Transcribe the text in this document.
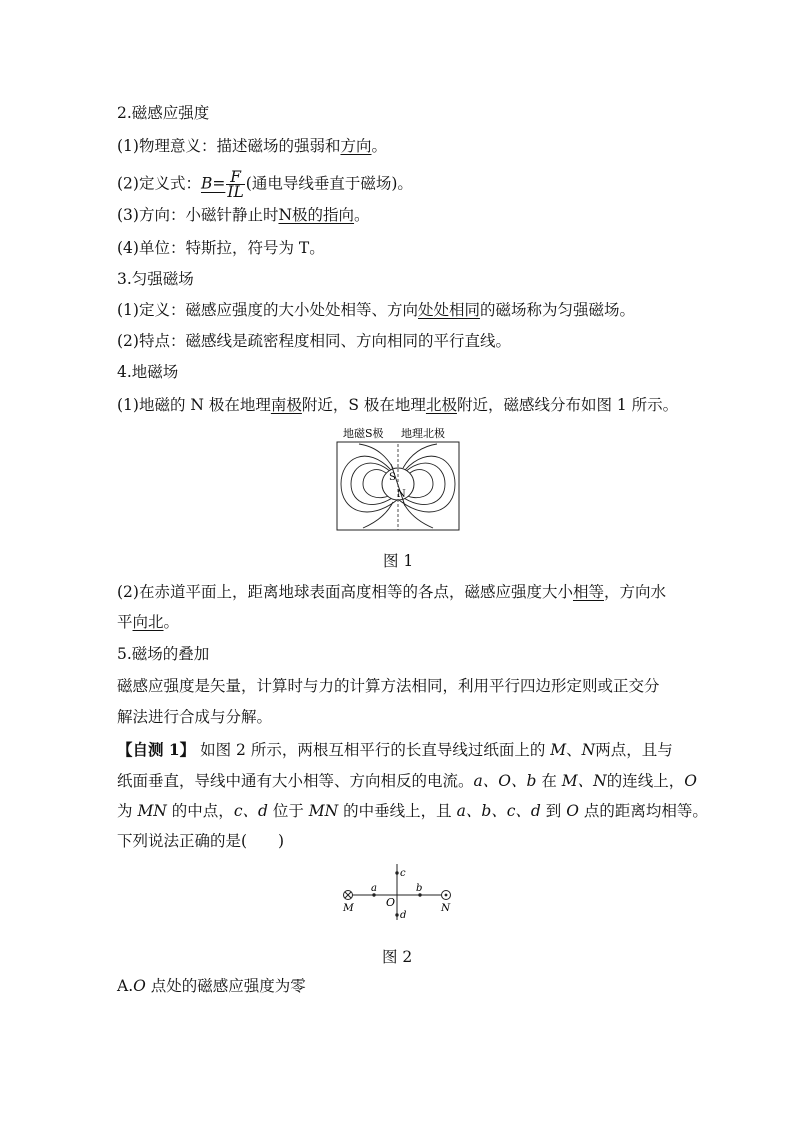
2.磁感应强度
(1)物理意义：描述磁场的强弱和方向。
(2)定义式：$B= \frac{F}{IL}$ (通电导线垂直于磁场)。
(3)方向：小磁针静止时N极的指向。
(4)单位：特斯拉，符号为 T。
3.匀强磁场
(1)定义：磁感应强度的大小处处相等、方向处处相同的磁场称为匀强磁场。
(2)特点：磁感线是疏密程度相同、方向相同的平行直线。
4.地磁场
(1)地磁的 N 极在地理南极附近，S 极在地理北极附近，磁感线分布如图 1 所示。
地磁S极 地理北极
S
N
图 1
(2)在赤道平面上，距离地球表面高度相等的各点，磁感应强度大小相等，方向水
平向北。
5.磁场的叠加
磁感应强度是矢量，计算时与力的计算方法相同，利用平行四边形定则或正交分
解法进行合成与分解。
【自测 1】 如图 2 所示，两根互相平行的长直导线过纸面上的 M、N两点，且与
纸面垂直，导线中通有大小相等、方向相反的电流。a、O、b 在 M、N的连线上，O
为 MN 的中点，c、d 位于 MN 的中垂线上，且 a、b、c、d 到 O 点的距离均相等。
下列说法正确的是(　　)
M	N
O
a	b
c
d
图 2
A.O 点处的磁感应强度为零
